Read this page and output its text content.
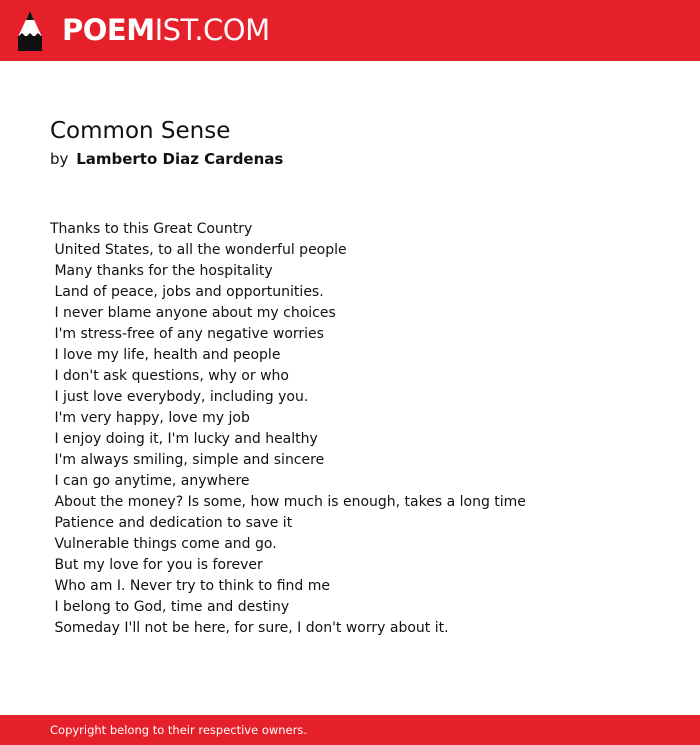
POEMIST.COM
Common Sense
by Lamberto Diaz Cardenas
Thanks to this Great Country
United States, to all the wonderful people
Many thanks for the hospitality
Land of peace, jobs and opportunities.
I never blame anyone about my choices
I'm stress-free of any negative worries
I love my life, health and people
I don't ask questions, why or who
I just love everybody, including you.
I'm very happy, love my job
I enjoy doing it, I'm lucky and healthy
I'm always smiling, simple and sincere
I can go anytime, anywhere
About the money? Is some, how much is enough, takes a long time
Patience and dedication to save it
Vulnerable things come and go.
But my love for you is forever
Who am I. Never try to think to find me
I belong to God, time and destiny
Someday I'll not be here, for sure, I don't worry about it.
Copyright belong to their respective owners.
